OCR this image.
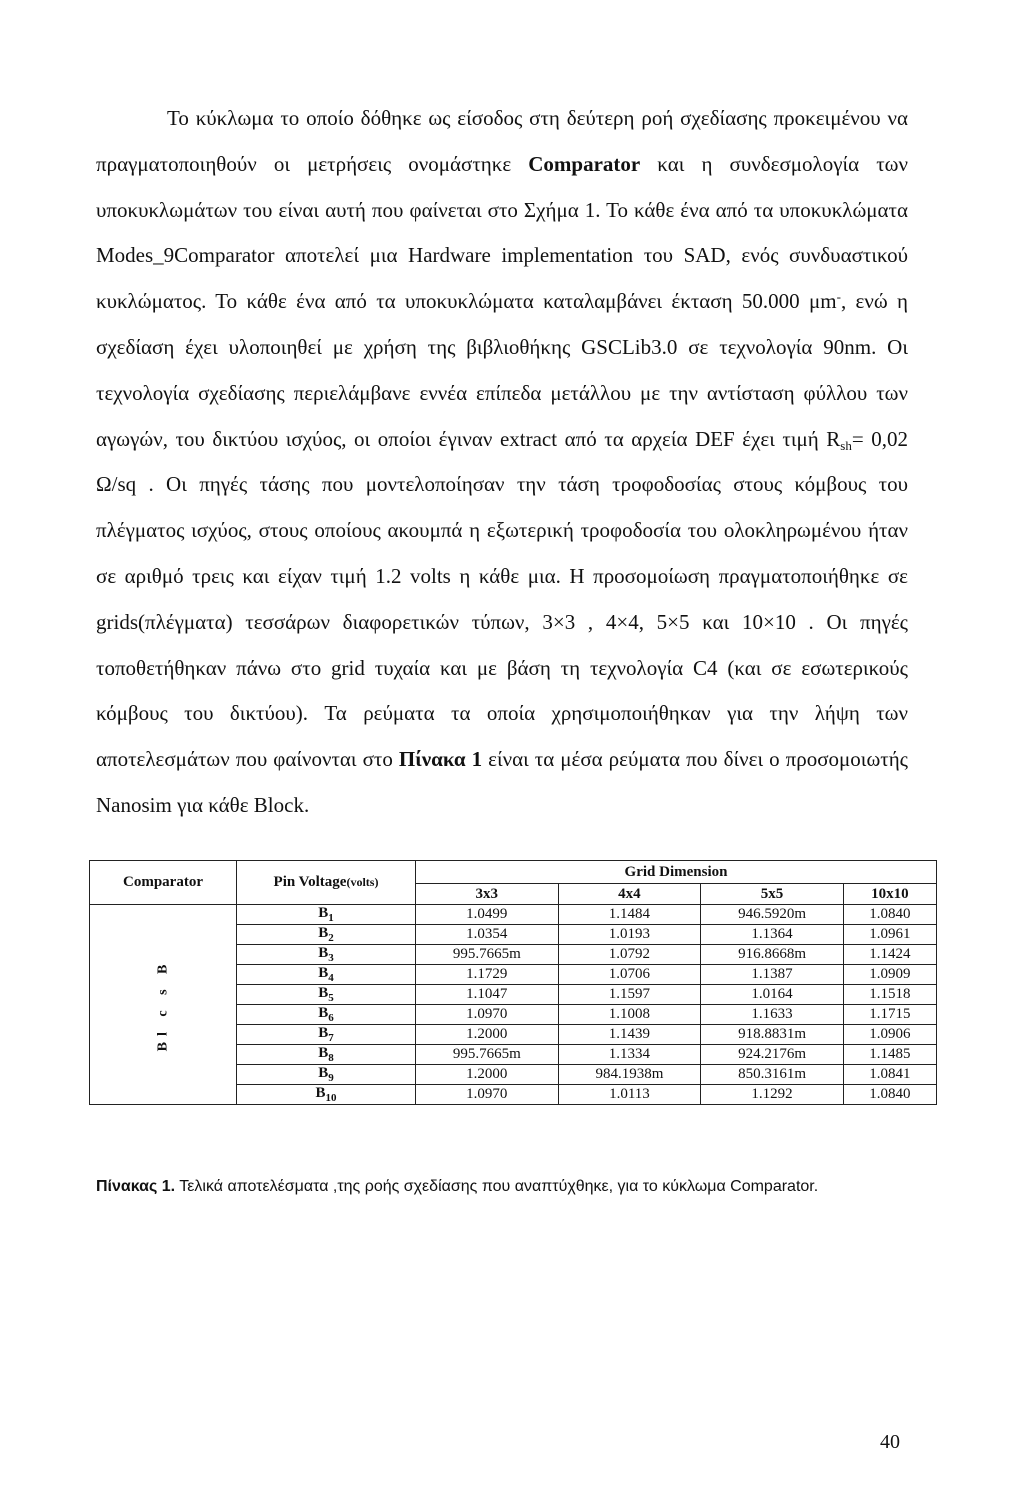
Το κύκλωμα το οποίο δόθηκε ως είσοδος στη δεύτερη ροή σχεδίασης προκειμένου να πραγματοποιηθούν οι μετρήσεις ονομάστηκε Comparator και η συνδεσμολογία των υποκυκλωμάτων του είναι αυτή που φαίνεται στο Σχήμα 1. Το κάθε ένα από τα υποκυκλώματα Modes_9Comparator αποτελεί μια Hardware implementation του SAD, ενός συνδυαστικού κυκλώματος. Το κάθε ένα από τα υποκυκλώματα καταλαμβάνει έκταση 50.000 μm-, ενώ η σχεδίαση έχει υλοποιηθεί με χρήση της βιβλιοθήκης GSCLib3.0 σε τεχνολογία 90nm. Οι τεχνολογία σχεδίασης περιελάμβανε εννέα επίπεδα μετάλλου με την αντίσταση φύλλου των αγωγών, του δικτύου ισχύος, οι οποίοι έγιναν extract από τα αρχεία DEF έχει τιμή $R_{sh}= 0,02$ Ω/sq . Οι πηγές τάσης που μοντελοποίησαν την τάση τροφοδοσίας στους κόμβους του πλέγματος ισχύος, στους οποίους ακουμπά η εξωτερική τροφοδοσία του ολοκληρωμένου ήταν σε αριθμό τρεις και είχαν τιμή 1.2 volts η κάθε μια. Η προσομοίωση πραγματοποιήθηκε σε grids(πλέγματα) τεσσάρων διαφορετικών τύπων, 3×3 , 4×4, 5×5 και 10×10 . Οι πηγές τοποθετήθηκαν πάνω στο grid τυχαία και με βάση τη τεχνολογία C4 (και σε εσωτερικούς κόμβους του δικτύου). Τα ρεύματα τα οποία χρησιμοποιήθηκαν για την λήψη των αποτελεσμάτων που φαίνονται στο Πίνακα 1 είναι τα μέσα ρεύματα που δίνει ο προσομοιωτής Nanosim για κάθε Block.

Comparator	Pin Voltage(volts)	Grid Dimension			
		3x3	4x4	5x5	10x10
Bl c s B	$B_1$	1.0499	1.1484	946.5920m	1.0840
	$B_2$	1.0354	1.0193	1.1364	1.0961
	$B_3$	995.7665m	1.0792	916.8668m	1.1424
	$B_4$	1.1729	1.0706	1.1387	1.0909
	$B_5$	1.1047	1.1597	1.0164	1.1518
	$B_6$	1.0970	1.1008	1.1633	1.1715
	$B_7$	1.2000	1.1439	918.8831m	1.0906
	$B_8$	995.7665m	1.1334	924.2176m	1.1485
	$B_9$	1.2000	984.1938m	850.3161m	1.0841
	$B_{10}$	1.0970	1.0113	1.1292	1.0840

Πίνακας 1. Τελικά αποτελέσματα ,της ροής σχεδίασης που αναπτύχθηκε, για το κύκλωμα Comparator.

40
